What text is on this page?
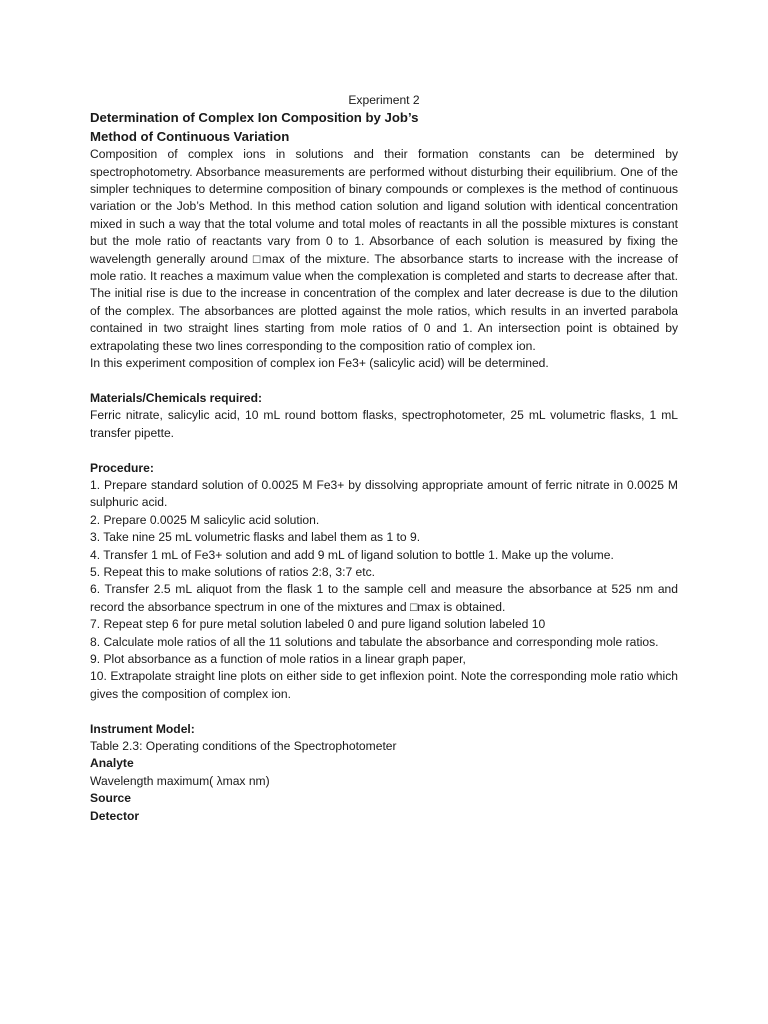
Experiment 2

Determination of Complex Ion Composition by Job’s

Method of Continuous Variation

Composition of complex ions in solutions and their formation constants can be determined by spectrophotometry. Absorbance measurements are performed without disturbing their equilibrium. One of the simpler techniques to determine composition of binary compounds or complexes is the method of continuous variation or the Job’s Method. In this method cation solution and ligand solution with identical concentration mixed in such a way that the total volume and total moles of reactants in all the possible mixtures is constant but the mole ratio of reactants vary from 0 to 1. Absorbance of each solution is measured by fixing the wavelength generally around □max of the mixture. The absorbance starts to increase with the increase of mole ratio. It reaches a maximum value when the complexation is completed and starts to decrease after that. The initial rise is due to the increase in concentration of the complex and later decrease is due to the dilution of the complex. The absorbances are plotted against the mole ratios, which results in an inverted parabola contained in two straight lines starting from mole ratios of 0 and 1. An intersection point is obtained by extrapolating these two lines corresponding to the composition ratio of complex ion.

In this experiment composition of complex ion Fe3+ (salicylic acid) will be determined.

Materials/Chemicals required:

Ferric nitrate, salicylic acid, 10 mL round bottom flasks, spectrophotometer, 25 mL volumetric flasks, 1 mL transfer pipette.

Procedure:

1. Prepare standard solution of 0.0025 M Fe3+ by dissolving appropriate amount of ferric nitrate in 0.0025 M sulphuric acid.
2. Prepare 0.0025 M salicylic acid solution.
3. Take nine 25 mL volumetric flasks and label them as 1 to 9.
4. Transfer 1 mL of Fe3+ solution and add 9 mL of ligand solution to bottle 1. Make up the volume.
5. Repeat this to make solutions of ratios 2:8, 3:7 etc.
6. Transfer 2.5 mL aliquot from the flask 1 to the sample cell and measure the absorbance at 525 nm and record the absorbance spectrum in one of the mixtures and □max is obtained.
7. Repeat step 6 for pure metal solution labeled 0 and pure ligand solution labeled 10
8. Calculate mole ratios of all the 11 solutions and tabulate the absorbance and corresponding mole ratios.
9. Plot absorbance as a function of mole ratios in a linear graph paper,
10. Extrapolate straight line plots on either side to get inflexion point. Note the corresponding mole ratio which gives the composition of complex ion.

Instrument Model:

Table 2.3: Operating conditions of the Spectrophotometer

Analyte

Wavelength maximum( λmax nm)

Source

Detector
